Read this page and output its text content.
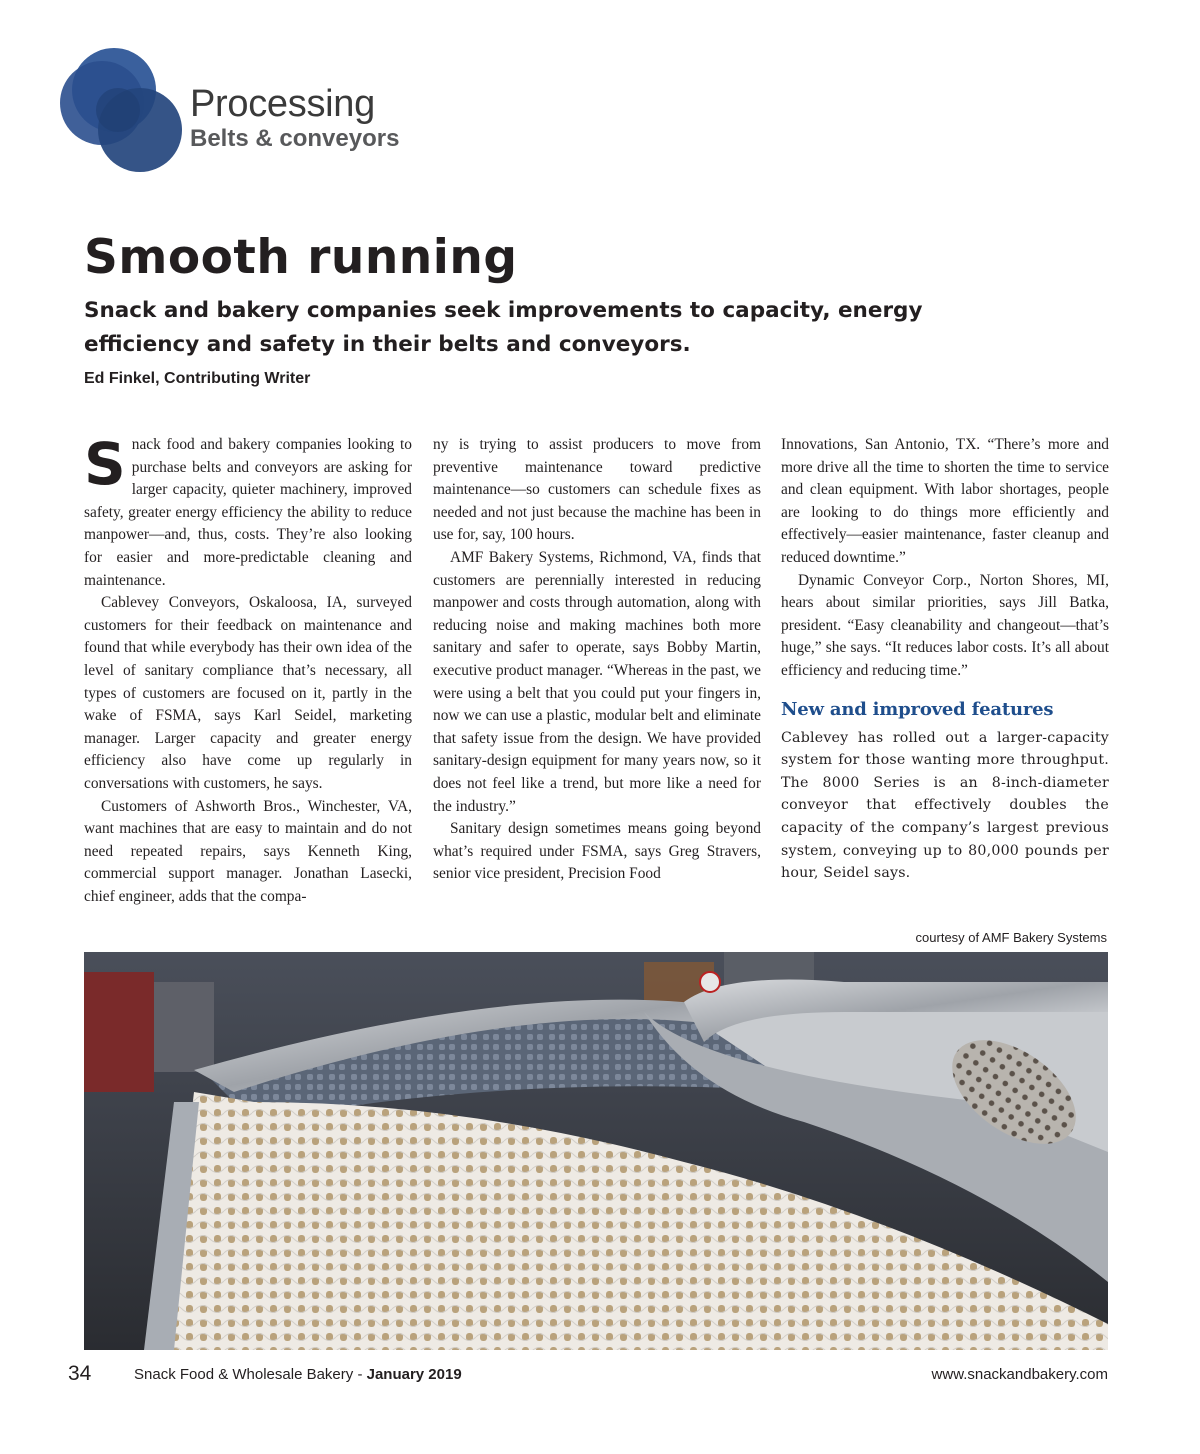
Processing
Belts & conveyors
Smooth running

Snack and bakery companies seek improvements to capacity, energy efficiency and safety in their belts and conveyors.

Ed Finkel, Contributing Writer

Snack food and bakery companies looking to purchase belts and conveyors are asking for larger capacity, quieter machinery, improved safety, greater energy efficiency the ability to reduce manpower—and, thus, costs. They’re also looking for easier and more-predictable cleaning and maintenance.

Cablevey Conveyors, Oskaloosa, IA, surveyed customers for their feedback on maintenance and found that while everybody has their own idea of the level of sanitary compliance that’s necessary, all types of customers are focused on it, partly in the wake of FSMA, says Karl Seidel, marketing manager. Larger capacity and greater energy efficiency also have come up regularly in conversations with customers, he says.

Customers of Ashworth Bros., Winchester, VA, want machines that are easy to maintain and do not need repeated repairs, says Kenneth King, commercial support manager. Jonathan Lasecki, chief engineer, adds that the compa-

ny is trying to assist producers to move from preventive maintenance toward predictive maintenance—so customers can schedule fixes as needed and not just because the machine has been in use for, say, 100 hours.

AMF Bakery Systems, Richmond, VA, finds that customers are perennially interested in reducing manpower and costs through automation, along with reducing noise and making machines both more sanitary and safer to operate, says Bobby Martin, executive product manager. “Whereas in the past, we were using a belt that you could put your fingers in, now we can use a plastic, modular belt and eliminate that safety issue from the design. We have provided sanitary-design equipment for many years now, so it does not feel like a trend, but more like a need for the industry.”

Sanitary design sometimes means going beyond what’s required under FSMA, says Greg Stravers, senior vice president, Precision Food

Innovations, San Antonio, TX. “There’s more and more drive all the time to shorten the time to service and clean equipment. With labor shortages, people are looking to do things more efficiently and effectively—easier maintenance, faster cleanup and reduced downtime.”

Dynamic Conveyor Corp., Norton Shores, MI, hears about similar priorities, says Jill Batka, president. “Easy cleanability and changeout—that’s huge,” she says. “It reduces labor costs. It’s all about efficiency and reducing time.”

New and improved features

Cablevey has rolled out a larger-capacity system for those wanting more throughput. The 8000 Series is an 8-inch-diameter conveyor that effectively doubles the capacity of the company’s largest previous system, conveying up to 80,000 pounds per hour, Seidel says.

courtesy of AMF Bakery Systems
34	Snack Food & Wholesale Bakery - January 2019	www.snackandbakery.com
